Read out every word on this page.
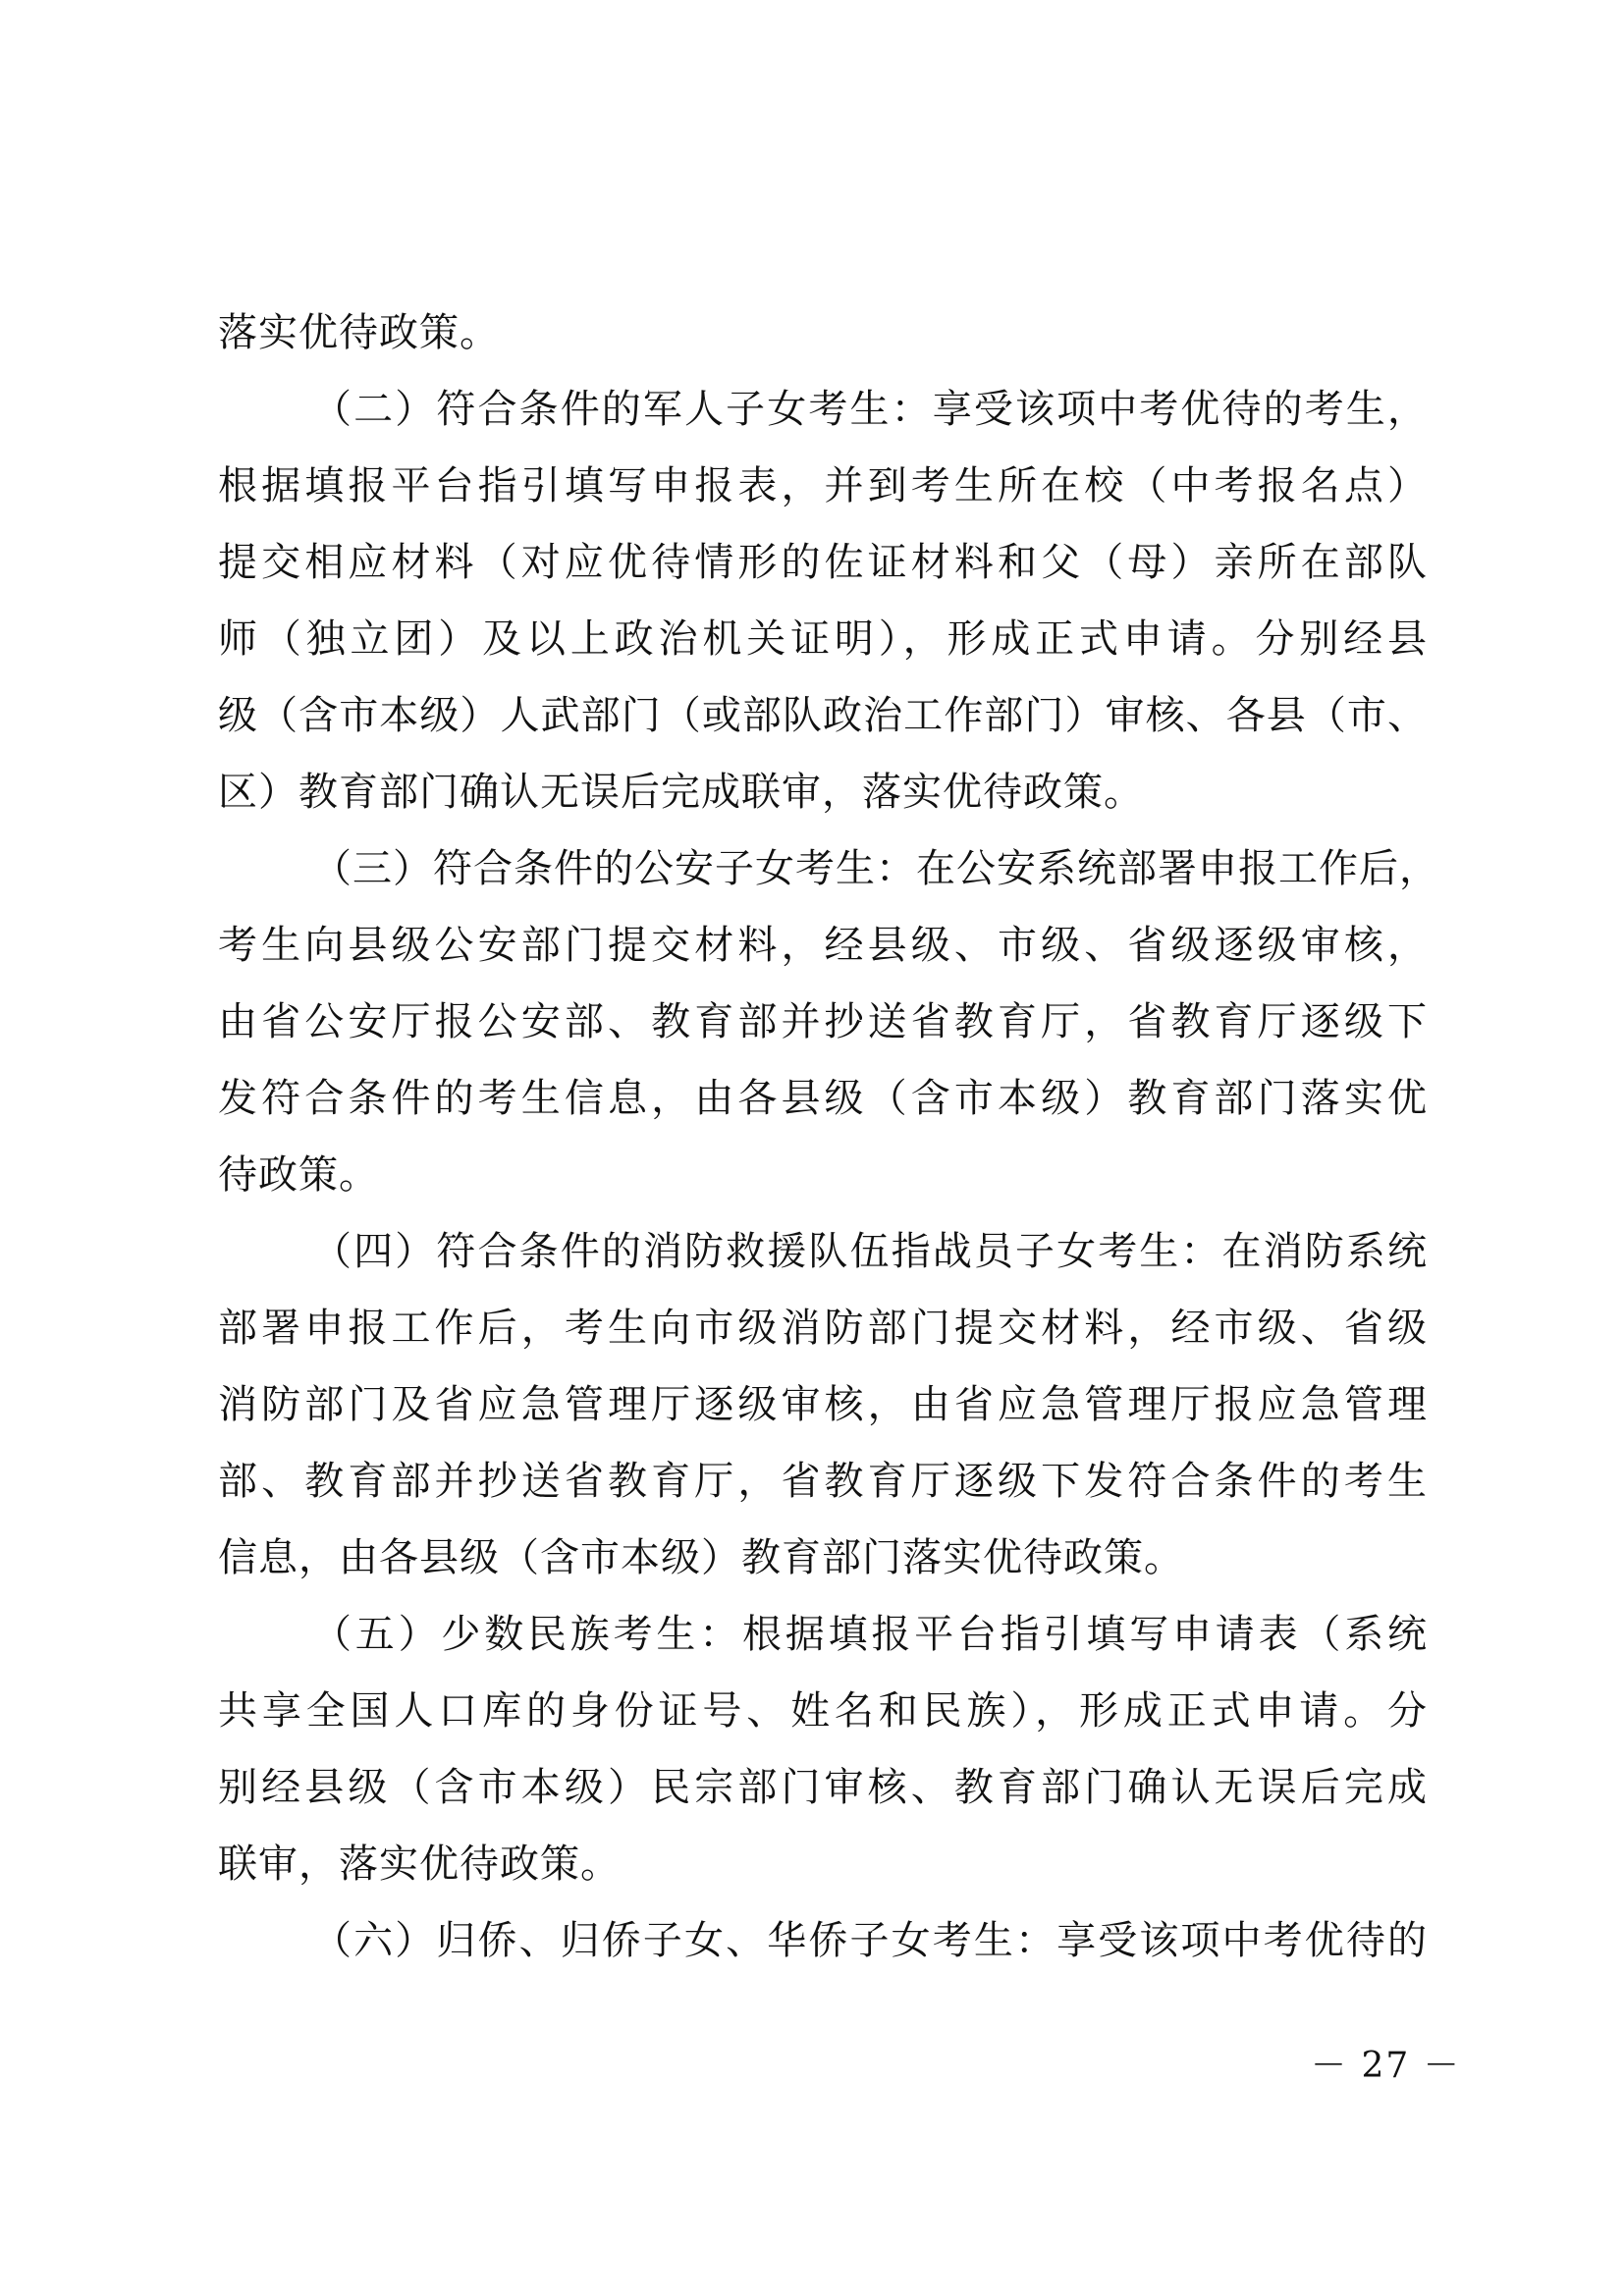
落实优待政策。
（二）符合条件的军人子女考生：享受该项中考优待的考生，
根据填报平台指引填写申报表，并到考生所在校（中考报名点）
提交相应材料（对应优待情形的佐证材料和父（母）亲所在部队
师（独立团）及以上政治机关证明），形成正式申请。分别经县
级（含市本级）人武部门（或部队政治工作部门）审核、各县（市、
区）教育部门确认无误后完成联审，落实优待政策。
（三）符合条件的公安子女考生：在公安系统部署申报工作后，
考生向县级公安部门提交材料，经县级、市级、省级逐级审核，
由省公安厅报公安部、教育部并抄送省教育厅，省教育厅逐级下
发符合条件的考生信息，由各县级（含市本级）教育部门落实优
待政策。
（四）符合条件的消防救援队伍指战员子女考生：在消防系统
部署申报工作后，考生向市级消防部门提交材料，经市级、省级
消防部门及省应急管理厅逐级审核，由省应急管理厅报应急管理
部、教育部并抄送省教育厅，省教育厅逐级下发符合条件的考生
信息，由各县级（含市本级）教育部门落实优待政策。
（五）少数民族考生：根据填报平台指引填写申请表（系统
共享全国人口库的身份证号、姓名和民族），形成正式申请。分
别经县级（含市本级）民宗部门审核、教育部门确认无误后完成
联审，落实优待政策。
（六）归侨、归侨子女、华侨子女考生：享受该项中考优待的
－ 27 －
